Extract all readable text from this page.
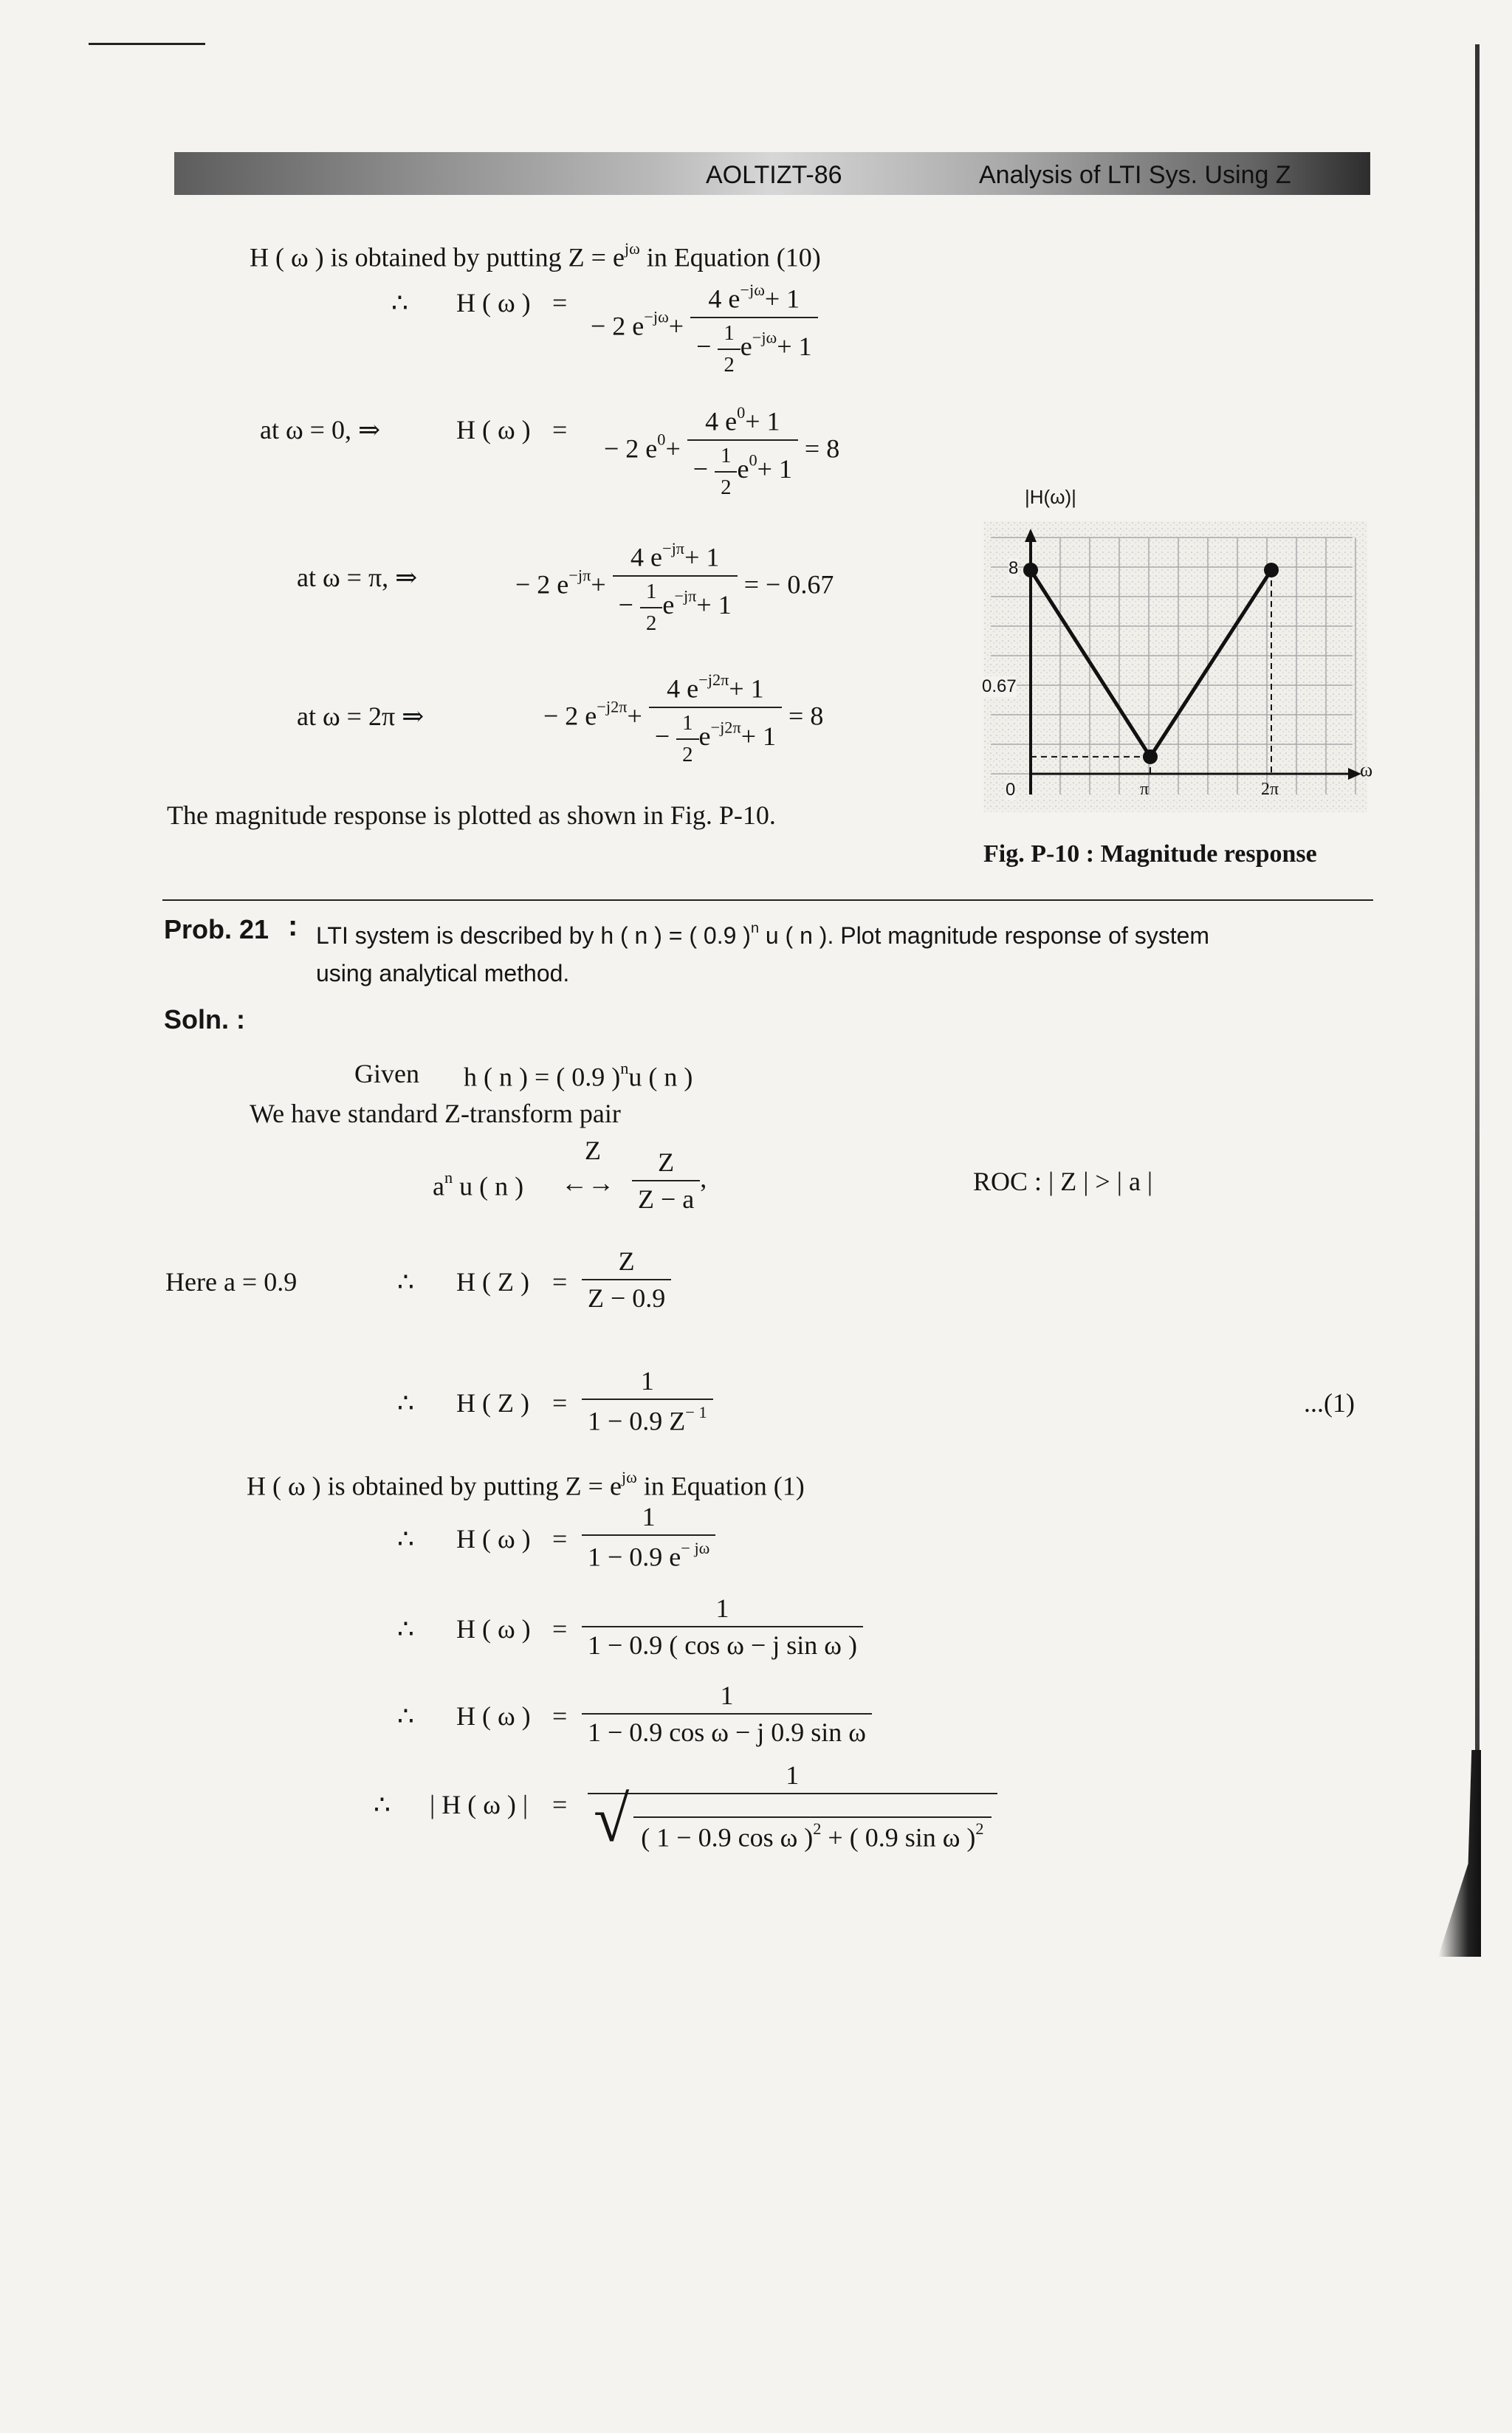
AOLTIZT-86	Analysis of LTI Sys. Using Z
H ( ω ) is obtained by putting $Z = e^{j\omega}$ in Equation (10)
∴ H ( ω ) =
− 2 $e^{-j\omega}+ \frac{4 e^{-j\omega}+ 1}{- \frac{1}{2} e^{-j\omega}+ 1}$
at ω = 0, ⇒	H ( ω ) =
− 2 $e^0+ \frac{4 e^0+ 1}{- \frac{1}{2} e^0+ 1} = 8$
at ω = π, ⇒	− 2 $e^{-j\pi}+ \frac{4 e^{-j\pi}+ 1}{- \frac{1}{2} e^{-j\pi}+ 1}$ = − 0.67
at ω = 2π ⇒	− 2 $e^{-j2\pi}+ \frac{4 e^{-j2\pi}+ 1}{- \frac{1}{2} e^{-j2\pi}+ 1} = 8$
The magnitude response is plotted as shown in Fig. P-10.
|H(ω)|
ω
8
0.67
0	π	2π
Fig. P-10 : Magnitude response
Prob. 21 : LTI system is described by h ( n ) = ( 0.9 )$^n$ u ( n ). Plot magnitude response of system
using analytical method.
Soln. :
Given h ( n ) = ( 0.9 )$^n$u ( n )
We have standard Z-transform pair
$a^n$ u ( n )
Z
←→ $\frac{Z}{Z - a}$ ,	ROC : | Z | > | a |
Here a = 0.9	∴ H ( Z ) = $\frac{Z}{Z - 0.9}$
∴ H ( Z ) = $\frac{1}{1 - 0.9 Z^{- 1}}$	...(1)
H ( ω ) is obtained by putting $Z = e^{j\omega}$ in Equation (1)
∴ H ( ω ) = $\frac{1}{1 - 0.9 e^{- j\omega}}$
∴ H ( ω ) = $\frac{1}{\text{1 − 0.9 ( cos ω − j sin ω )}}$
∴ H ( ω ) = $\frac{1}{\text{1 − 0.9 cos ω − j 0.9 sin ω}}$
∴ | H ( ω ) | = $\frac{1}{√ ( 1 - 0.9 \cos \omega )^2 + ( 0.9 \sin \omega )^2}$
